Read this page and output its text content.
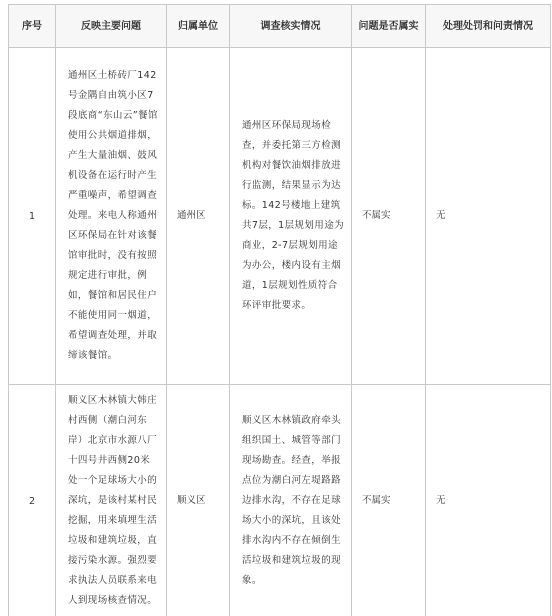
序号	反映主要问题	归属单位	调查核实情况	问题是否属实	处理处罚和问责情况

1	通州区土桥砖厂142号金隅自由筑小区7段底商“东山云”餐馆使用公共烟道排烟，产生大量油烟、鼓风机设备在运行时产生严重噪声，希望调查处理。来电人称通州区环保局在针对该餐馆审批时，没有按照规定进行审批，例如，餐馆和居民住户不能使用同一烟道，希望调查处理，并取缔该餐馆。	通州区	通州区环保局现场检查，并委托第三方检测机构对餐饮油烟排放进行监测，结果显示为达标。142号楼地上建筑共7层，1层规划用途为商业，2-7层规划用途为办公，楼内设有主烟道，1层规划性质符合环评审批要求。	不属实	无

2	顺义区木林镇大韩庄村西侧（潮白河东岸）北京市水源八厂十四号井西侧20米处一个足球场大小的深坑，是该村某村民挖掘，用来填埋生活垃圾和建筑垃圾，直接污染水源。强烈要求执法人员联系来电人到现场核查情况。	顺义区	顺义区木林镇政府牵头组织国土、城管等部门现场勘查。经查，举报点位为潮白河左堤路路边排水沟，不存在足球场大小的深坑，且该处排水沟内不存在倾倒生活垃圾和建筑垃圾的现象。	不属实	无
